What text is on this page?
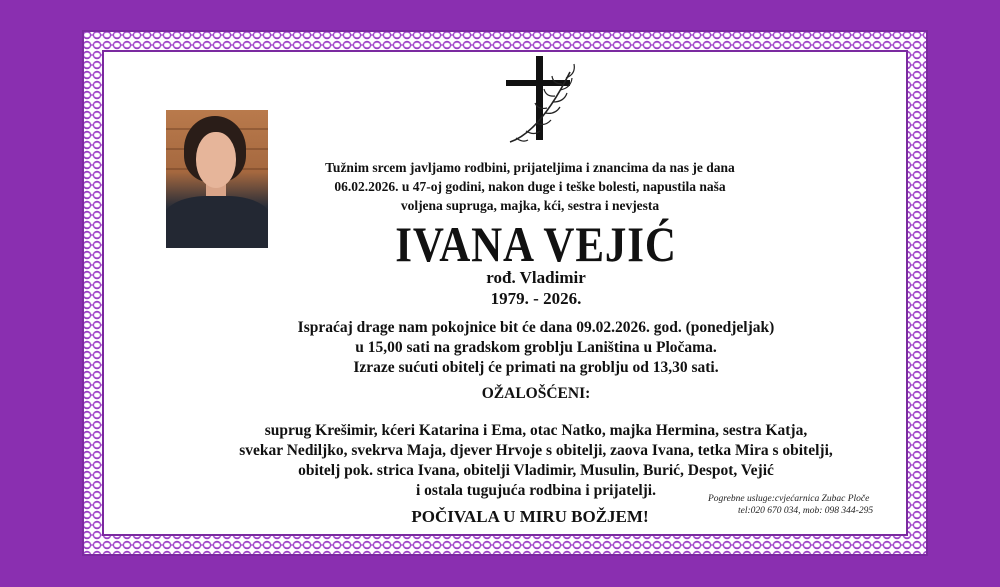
Tužnim srcem javljamo rodbini, prijateljima i znancima da nas je dana
06.02.2026. u 47-oj godini, nakon duge i teške bolesti, napustila naša
voljena supruga, majka, kći, sestra i nevjesta
IVANA VEJIĆ
rođ. Vladimir
1979. - 2026.
Ispraćaj drage nam pokojnice bit će dana 09.02.2026. god. (ponedjeljak)
u 15,00 sati na gradskom groblju Laniština u Pločama.
Izraze sućuti obitelj će primati na groblju od 13,30 sati.
OŽALOŠĆENI:
suprug Krešimir, kćeri Katarina i Ema, otac Natko, majka Hermina, sestra Katja,
svekar Nediljko, svekrva Maja, djever Hrvoje s obitelji, zaova Ivana, tetka Mira s obitelji,
obitelj pok. strica Ivana, obitelji Vladimir, Musulin, Burić, Despot, Vejić
i ostala tugujuća rodbina i prijatelji.
POČIVALA U MIRU BOŽJEM!
Pogrebne usluge:cvjećarnica Zubac Ploče
tel:020 670 034, mob: 098 344-295
